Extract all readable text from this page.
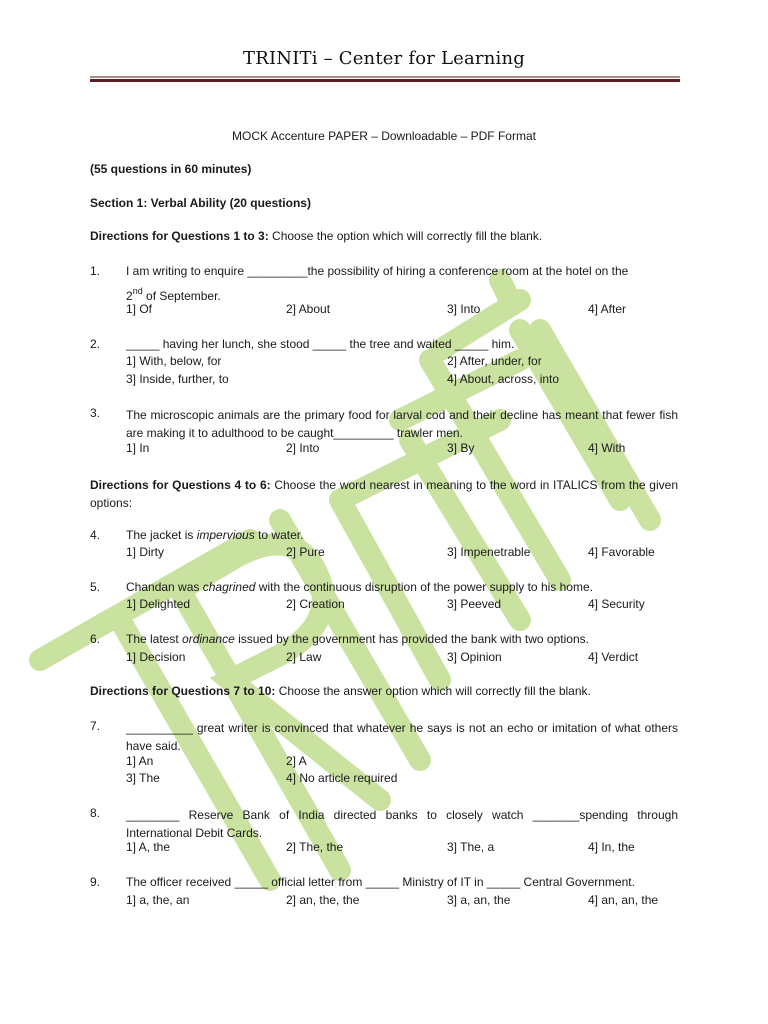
TRINITi – Center for Learning
MOCK Accenture PAPER – Downloadable – PDF Format
(55 questions in 60 minutes)
Section 1: Verbal Ability (20 questions)
Directions for Questions 1 to 3: Choose the option which will correctly fill the blank.
1. I am writing to enquire _________the possibility of hiring a conference room at the hotel on the
2nd of September.
1] Of	2] About	3] Into	4] After
2. _____ having her lunch, she stood _____ the tree and waited _____ him.
1] With, below, for	2] After, under, for
3] Inside, further, to	4] About, across, into
3. The microscopic animals are the primary food for larval cod and their decline has meant that fewer fish are making it to adulthood to be caught_________ trawler men.
1] In	2] Into	3] By	4] With
Directions for Questions 4 to 6: Choose the word nearest in meaning to the word in ITALICS from the given options:
4. The jacket is impervious to water.
1] Dirty	2] Pure	3] Impenetrable	4] Favorable
5. Chandan was chagrined with the continuous disruption of the power supply to his home.
1] Delighted	2] Creation	3] Peeved	4] Security
6. The latest ordinance issued by the government has provided the bank with two options.
1] Decision	2] Law	3] Opinion	4] Verdict
Directions for Questions 7 to 10: Choose the answer option which will correctly fill the blank.
7. __________ great writer is convinced that whatever he says is not an echo or imitation of what others have said.
1] An	2] A
3] The	4] No article required
8. ________ Reserve Bank of India directed banks to closely watch _______spending through International Debit Cards.
1] A, the	2] The, the	3] The, a	4] In, the
9. The officer received _____ official letter from _____ Ministry of IT in _____ Central Government.
1] a, the, an	2] an, the, the	3] a, an, the	4] an, an, the
